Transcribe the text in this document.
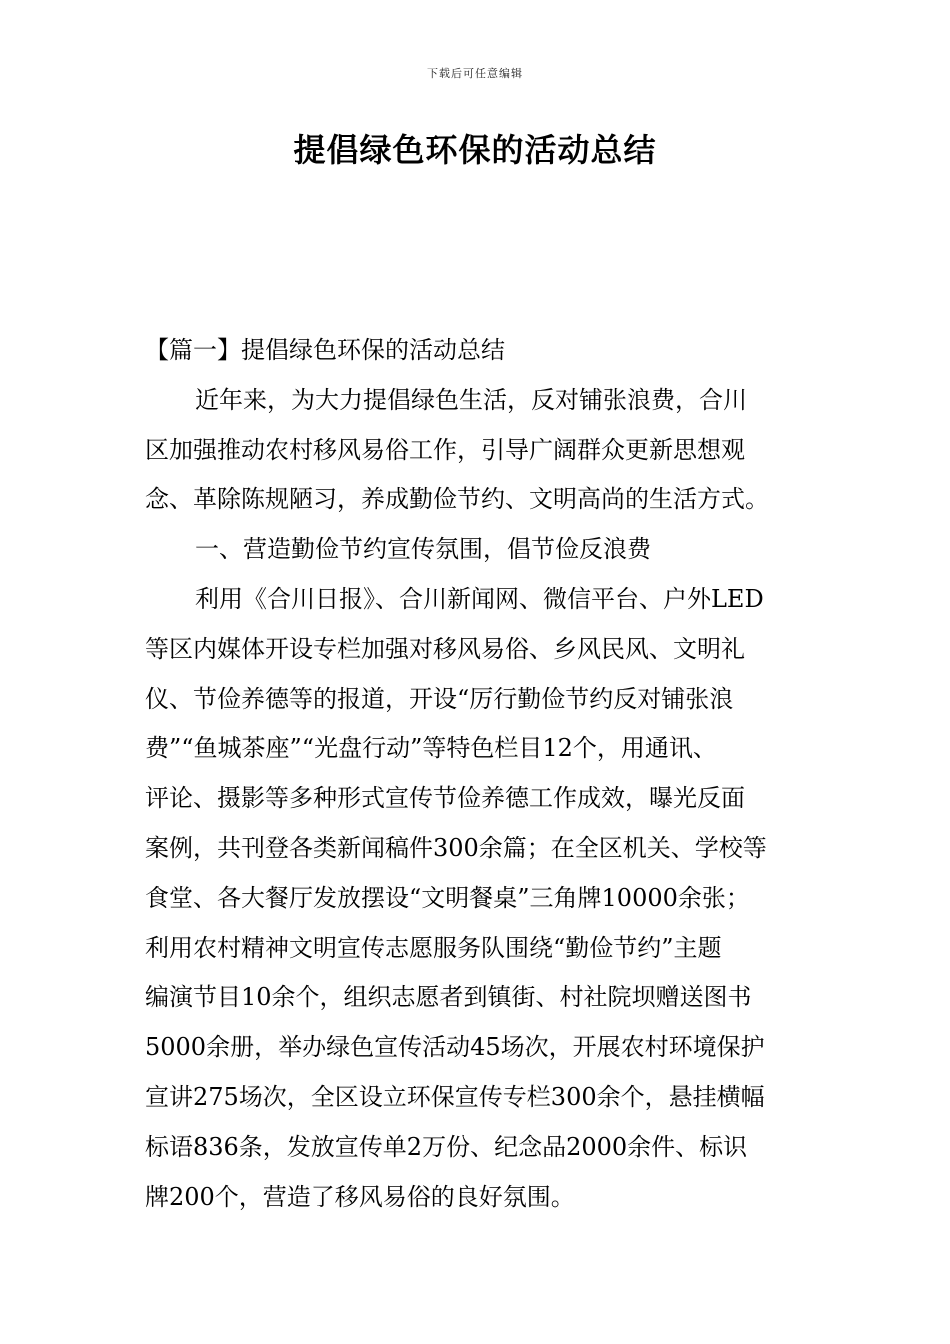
下载后可任意编辑
提倡绿色环保的活动总结
【篇一】提倡绿色环保的活动总结
近年来，为大力提倡绿色生活，反对铺张浪费，合川
区加强推动农村移风易俗工作，引导广阔群众更新思想观
念、革除陈规陋习，养成勤俭节约、文明高尚的生活方式。
一、营造勤俭节约宣传氛围，倡节俭反浪费
利用《合川日报》、合川新闻网、微信平台、户外LED
等区内媒体开设专栏加强对移风易俗、乡风民风、文明礼
仪、节俭养德等的报道，开设“厉行勤俭节约反对铺张浪
费”“鱼城茶座”“光盘行动”等特色栏目12个，用通讯、
评论、摄影等多种形式宣传节俭养德工作成效，曝光反面
案例，共刊登各类新闻稿件300余篇；在全区机关、学校等
食堂、各大餐厅发放摆设“文明餐桌”三角牌10000余张；
利用农村精神文明宣传志愿服务队围绕“勤俭节约”主题
编演节目10余个，组织志愿者到镇街、村社院坝赠送图书
5000余册，举办绿色宣传活动45场次，开展农村环境保护
宣讲275场次，全区设立环保宣传专栏300余个，悬挂横幅
标语836条，发放宣传单2万份、纪念品2000余件、标识
牌200个，营造了移风易俗的良好氛围。
